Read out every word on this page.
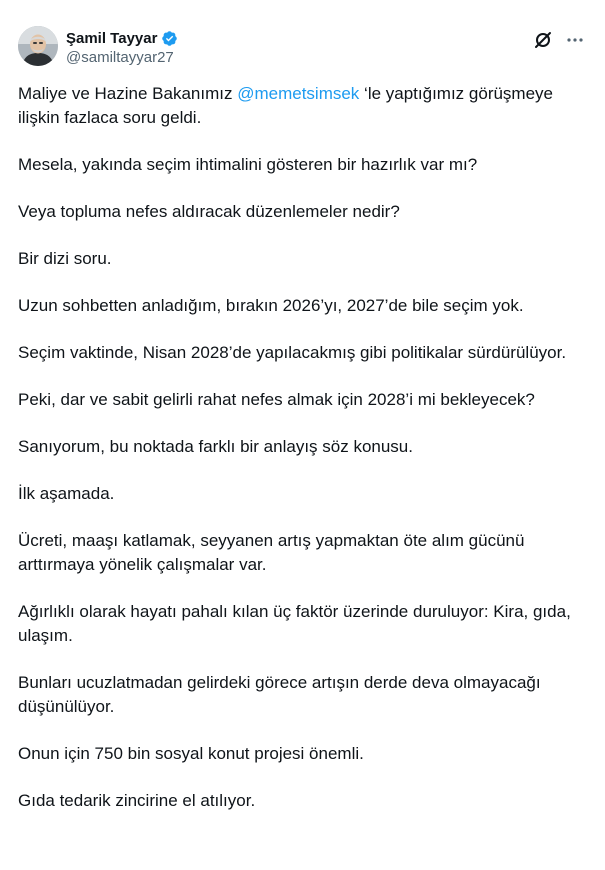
Şamil Tayyar
@samiltayyar27

Maliye ve Hazine Bakanımız @memetsimsek ‘le yaptığımız görüşmeye ilişkin fazlaca soru geldi.

Mesela, yakında seçim ihtimalini gösteren bir hazırlık var mı?

Veya topluma nefes aldıracak düzenlemeler nedir?

Bir dizi soru.

Uzun sohbetten anladığım, bırakın 2026’yı, 2027’de bile seçim yok.

Seçim vaktinde, Nisan 2028’de yapılacakmış gibi politikalar sürdürülüyor.

Peki, dar ve sabit gelirli rahat nefes almak için 2028’i mi bekleyecek?

Sanıyorum, bu noktada farklı bir anlayış söz konusu.

İlk aşamada.

Ücreti, maaşı katlamak, seyyanen artış yapmaktan öte alım gücünü arttırmaya yönelik çalışmalar var.

Ağırlıklı olarak hayatı pahalı kılan üç faktör üzerinde duruluyor: Kira, gıda, ulaşım.

Bunları ucuzlatmadan gelirdeki görece artışın derde deva olmayacağı düşünülüyor.

Onun için 750 bin sosyal konut projesi önemli.

Gıda tedarik zincirine el atılıyor.
